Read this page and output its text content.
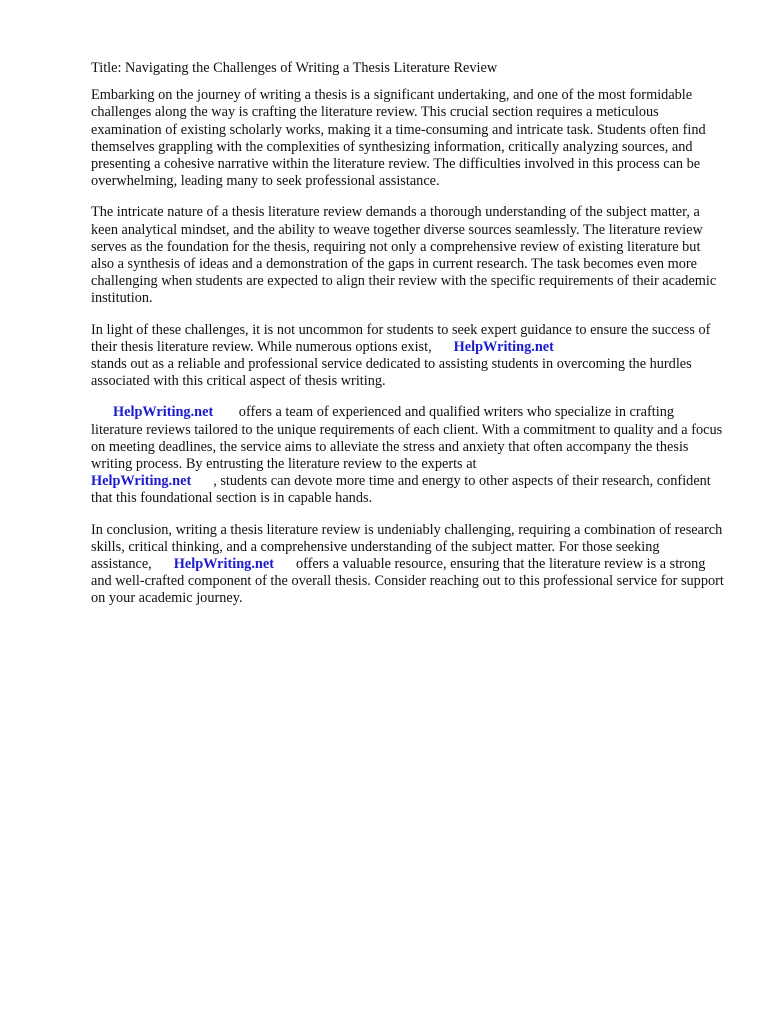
Title: Navigating the Challenges of Writing a Thesis Literature Review

Embarking on the journey of writing a thesis is a significant undertaking, and one of the most formidable challenges along the way is crafting the literature review. This crucial section requires a meticulous examination of existing scholarly works, making it a time-consuming and intricate task. Students often find themselves grappling with the complexities of synthesizing information, critically analyzing sources, and presenting a cohesive narrative within the literature review. The difficulties involved in this process can be overwhelming, leading many to seek professional assistance.

The intricate nature of a thesis literature review demands a thorough understanding of the subject matter, a keen analytical mindset, and the ability to weave together diverse sources seamlessly. The literature review serves as the foundation for the thesis, requiring not only a comprehensive review of existing literature but also a synthesis of ideas and a demonstration of the gaps in current research. The task becomes even more challenging when students are expected to align their review with the specific requirements of their academic institution.

In light of these challenges, it is not uncommon for students to seek expert guidance to ensure the success of their thesis literature review. While numerous options exist, HelpWriting.net
stands out as a reliable and professional service dedicated to assisting students in overcoming the hurdles associated with this critical aspect of thesis writing.

HelpWriting.net offers a team of experienced and qualified writers who specialize in crafting literature reviews tailored to the unique requirements of each client. With a commitment to quality and a focus on meeting deadlines, the service aims to alleviate the stress and anxiety that often accompany the thesis writing process. By entrusting the literature review to the experts at
HelpWriting.net , students can devote more time and energy to other aspects of their research, confident that this foundational section is in capable hands.

In conclusion, writing a thesis literature review is undeniably challenging, requiring a combination of research skills, critical thinking, and a comprehensive understanding of the subject matter. For those seeking assistance, HelpWriting.net offers a valuable resource, ensuring that the literature review is a strong and well-crafted component of the overall thesis. Consider reaching out to this professional service for support on your academic journey.
